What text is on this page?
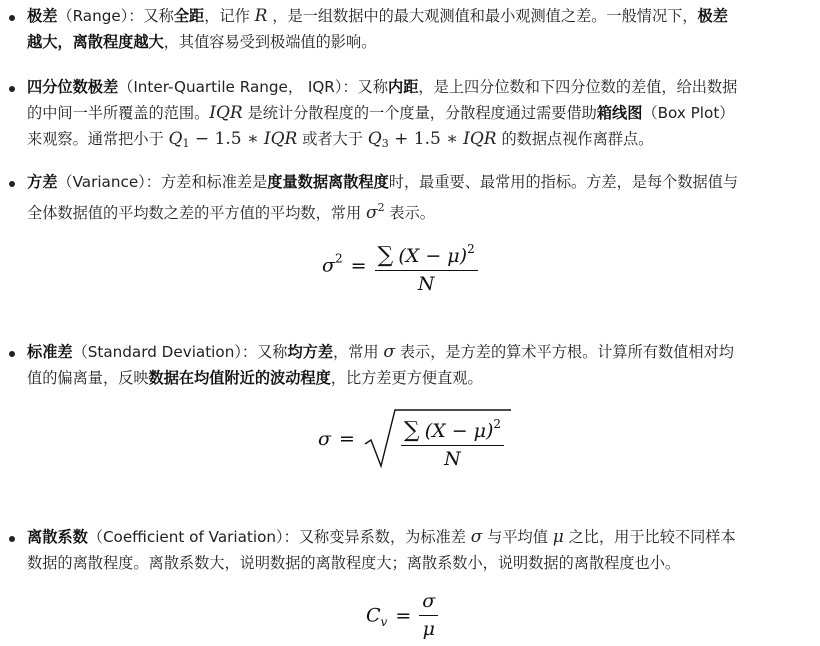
极差（Range）：又称全距，记作 R ，是一组数据中的最大观测值和最小观测值之差。一般情况下，极差
越大，离散程度越大，其值容易受到极端值的影响。
四分位数极差（Inter-Quartile Range， IQR）：又称内距，是上四分位数和下四分位数的差值，给出数据
的中间一半所覆盖的范围。IQR 是统计分散程度的一个度量，分散程度通过需要借助箱线图（Box Plot）
来观察。通常把小于 $Q_1 - 1.5$ ∗ IQR 或者大于 $Q_3 + 1.5$ ∗ IQR 的数据点视作离群点。
方差（Variance）：方差和标准差是度量数据离散程度时，最重要、最常用的指标。方差，是每个数据值与
全体数据值的平均数之差的平方值的平均数，常用 $\sigma^2$ 表示。
$\sigma^2 = \frac{\sum (X - \mu)^2}{N}$
标准差（Standard Deviation）：又称均方差，常用 σ 表示，是方差的算术平方根。计算所有数值相对均
值的偏离量，反映数据在均值附近的波动程度，比方差更方便直观。
$\sigma = \frac{\sum (X - \mu)^2}{N}$
离散系数（Coefficient of Variation）：又称变异系数，为标准差 σ 与平均值 μ 之比，用于比较不同样本
数据的离散程度。离散系数大，说明数据的离散程度大；离散系数小，说明数据的离散程度也小。
$C_v = \frac{\sigma}{\mu}$
